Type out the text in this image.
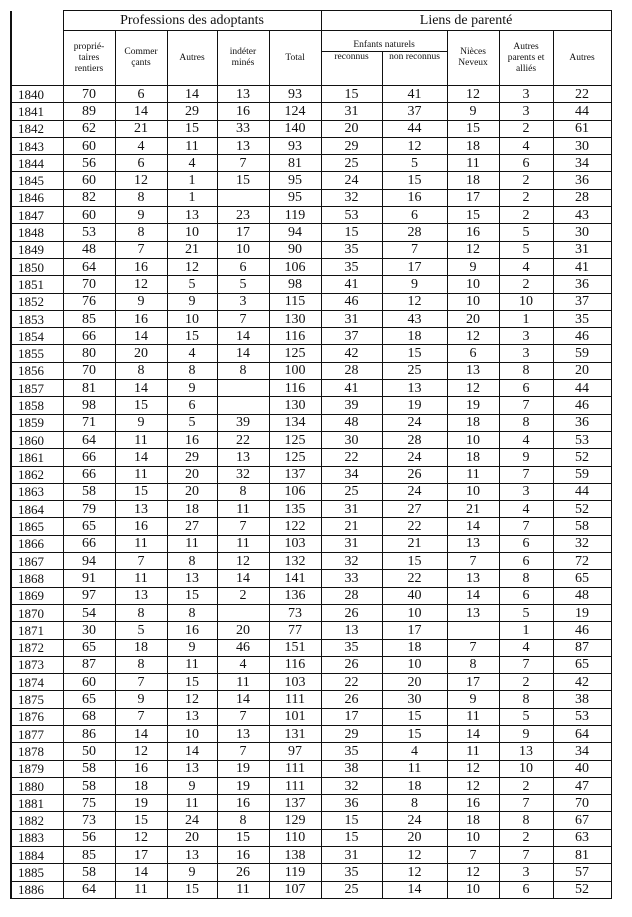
	Professions des adoptants					Liens de parenté				
	proprié- taires rentiers	Commer çants	Autres	indéter minés	Total	Enfants naturels		Nièces Neveux	Autres parents et alliés	Autres
						reconnus	non reconnus			
1840	70	6	14	13	93	15	41	12	3	22
1841	89	14	29	16	124	31	37	9	3	44
1842	62	21	15	33	140	20	44	15	2	61
1843	60	4	11	13	93	29	12	18	4	30
1844	56	6	4	7	81	25	5	11	6	34
1845	60	12	1	15	95	24	15	18	2	36
1846	82	8	1		95	32	16	17	2	28
1847	60	9	13	23	119	53	6	15	2	43
1848	53	8	10	17	94	15	28	16	5	30
1849	48	7	21	10	90	35	7	12	5	31
1850	64	16	12	6	106	35	17	9	4	41
1851	70	12	5	5	98	41	9	10	2	36
1852	76	9	9	3	115	46	12	10	10	37
1853	85	16	10	7	130	31	43	20	1	35
1854	66	14	15	14	116	37	18	12	3	46
1855	80	20	4	14	125	42	15	6	3	59
1856	70	8	8	8	100	28	25	13	8	20
1857	81	14	9		116	41	13	12	6	44
1858	98	15	6		130	39	19	19	7	46
1859	71	9	5	39	134	48	24	18	8	36
1860	64	11	16	22	125	30	28	10	4	53
1861	66	14	29	13	125	22	24	18	9	52
1862	66	11	20	32	137	34	26	11	7	59
1863	58	15	20	8	106	25	24	10	3	44
1864	79	13	18	11	135	31	27	21	4	52
1865	65	16	27	7	122	21	22	14	7	58
1866	66	11	11	11	103	31	21	13	6	32
1867	94	7	8	12	132	32	15	7	6	72
1868	91	11	13	14	141	33	22	13	8	65
1869	97	13	15	2	136	28	40	14	6	48
1870	54	8	8		73	26	10	13	5	19
1871	30	5	16	20	77	13	17		1	46
1872	65	18	9	46	151	35	18	7	4	87
1873	87	8	11	4	116	26	10	8	7	65
1874	60	7	15	11	103	22	20	17	2	42
1875	65	9	12	14	111	26	30	9	8	38
1876	68	7	13	7	101	17	15	11	5	53
1877	86	14	10	13	131	29	15	14	9	64
1878	50	12	14	7	97	35	4	11	13	34
1879	58	16	13	19	111	38	11	12	10	40
1880	58	18	9	19	111	32	18	12	2	47
1881	75	19	11	16	137	36	8	16	7	70
1882	73	15	24	8	129	15	24	18	8	67
1883	56	12	20	15	110	15	20	10	2	63
1884	85	17	13	16	138	31	12	7	7	81
1885	58	14	9	26	119	35	12	12	3	57
1886	64	11	15	11	107	25	14	10	6	52
